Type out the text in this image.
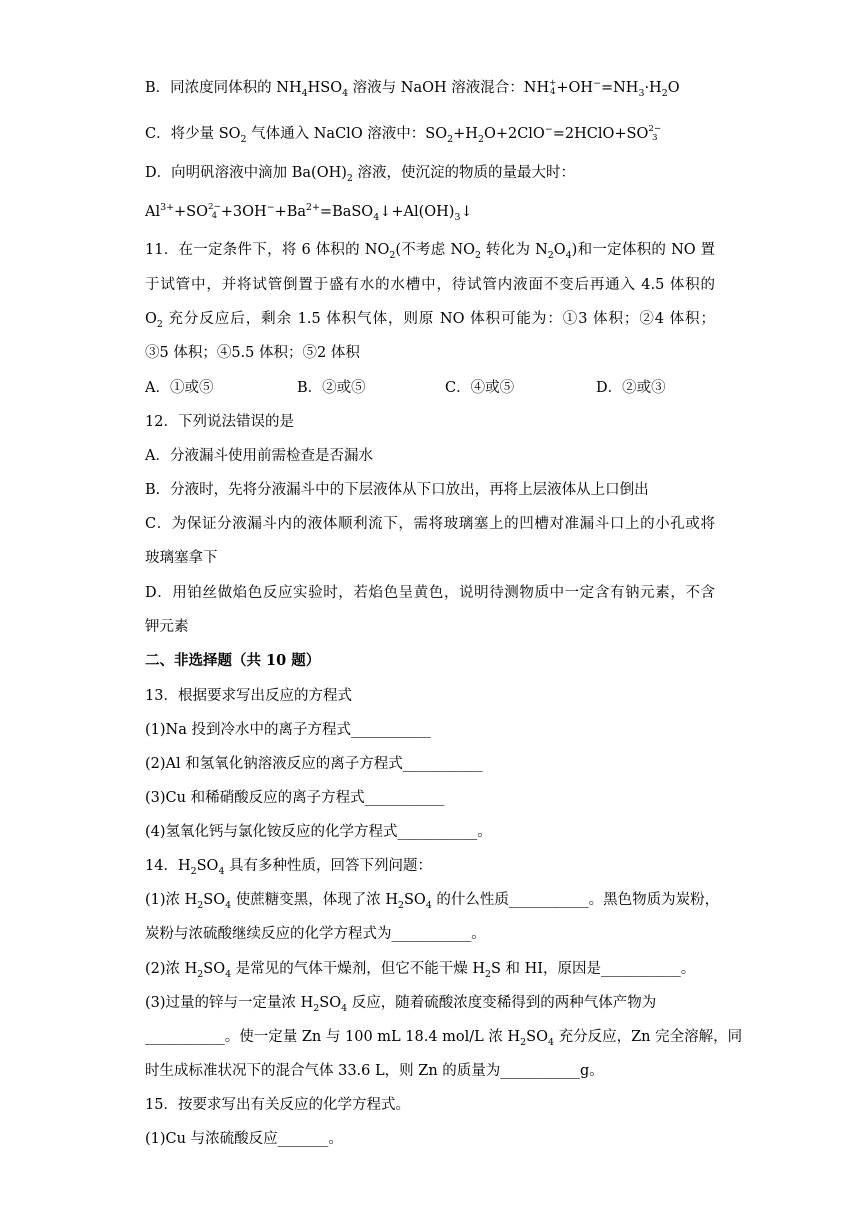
B．同浓度同体积的 $NH_4HSO_4$ 溶液与 NaOH 溶液混合：NH +
$4 +OH^-=NH_3\cdot H_2O$
C．将少量 $SO_2$ 气体通入 NaClO 溶液中：$SO_2+H_2O+2ClO^-=2HClO+SO$ 2−
3
D．向明矾溶液中滴加 $Ba(OH)_2$ 溶液，使沉淀的物质的量最大时：
$Al^{3+}+SO$ 2−
$4 +3OH^-+Ba^{2+}=BaSO_4↓+Al(OH)_3↓$
11．在一定条件下，将 6 体积的 $NO_2$(不考虑 $NO_2$ 转化为 $N_2O_4$)和一定体积的 NO 置
于试管中，并将试管倒置于盛有水的水槽中，待试管内液面不变后再通入 4.5 体积的
$O_2$ 充分反应后，剩余 1.5 体积气体，则原 NO 体积可能为：①3 体积；②4 体积；
③5 体积；④5.5 体积；⑤2 体积
A．①或⑤	B．②或⑤	C．④或⑤	D．②或③
12．下列说法错误的是
A．分液漏斗使用前需检查是否漏水
B．分液时，先将分液漏斗中的下层液体从下口放出，再将上层液体从上口倒出
C．为保证分液漏斗内的液体顺利流下，需将玻璃塞上的凹槽对准漏斗口上的小孔或将
玻璃塞拿下
D．用铂丝做焰色反应实验时，若焰色呈黄色，说明待测物质中一定含有钠元素，不含
钾元素
二、非选择题（共 10 题）
13．根据要求写出反应的方程式
(1)Na 投到冷水中的离子方程式___________
(2)Al 和氢氧化钠溶液反应的离子方程式___________
(3)Cu 和稀硝酸反应的离子方程式___________
(4)氢氧化钙与氯化铵反应的化学方程式___________。
14．$H_2SO_4$ 具有多种性质，回答下列问题：
(1)浓 $H_2SO_4$ 使蔗糖变黑，体现了浓 $H_2SO_4$ 的什么性质___________。黑色物质为炭粉，
炭粉与浓硫酸继续反应的化学方程式为___________。
(2)浓 $H_2SO_4$ 是常见的气体干燥剂，但它不能干燥 $H_2S$ 和 HI，原因是___________。
(3)过量的锌与一定量浓 $H_2SO_4$ 反应，随着硫酸浓度变稀得到的两种气体产物为
___________。使一定量 Zn 与 100 mL 18.4 mol/L 浓 $H_2SO_4$ 充分反应，Zn 完全溶解，同
时生成标准状况下的混合气体 33.6 L，则 Zn 的质量为___________g。
15．按要求写出有关反应的化学方程式。
(1)Cu 与浓硫酸反应_______。
